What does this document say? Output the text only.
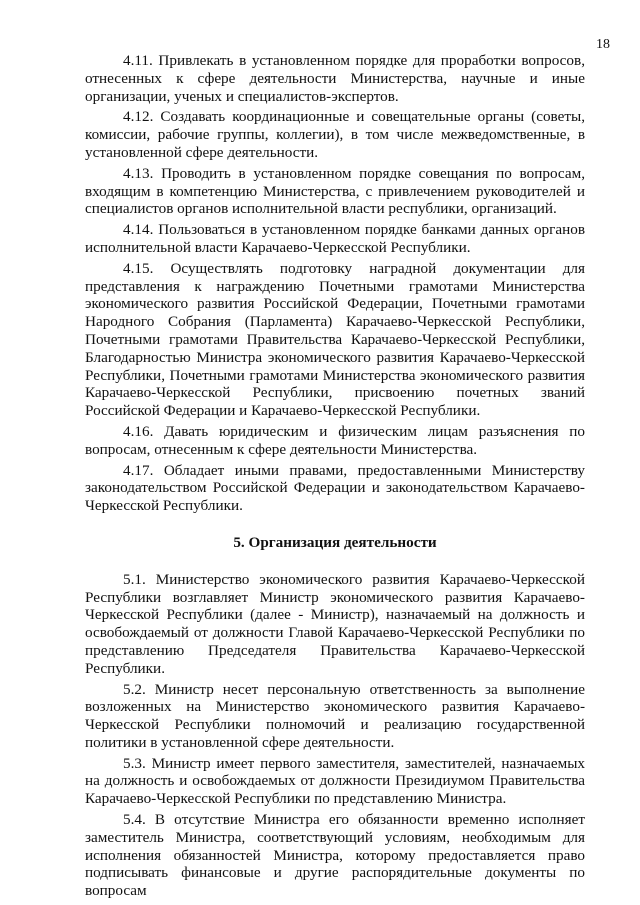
18

4.11. Привлекать в установленном порядке для проработки вопросов, отнесенных к сфере деятельности Министерства, научные и иные организации, ученых и специалистов-экспертов.

4.12. Создавать координационные и совещательные органы (советы, комиссии, рабочие группы, коллегии), в том числе межведомственные, в установленной сфере деятельности.

4.13. Проводить в установленном порядке совещания по вопросам, входящим в компетенцию Министерства, с привлечением руководителей и специалистов органов исполнительной власти республики, организаций.

4.14. Пользоваться в установленном порядке банками данных органов исполнительной власти Карачаево-Черкесской Республики.

4.15. Осуществлять подготовку наградной документации для представления к награждению Почетными грамотами Министерства экономического развития Российской Федерации, Почетными грамотами Народного Собрания (Парламента) Карачаево-Черкесской Республики, Почетными грамотами Правительства Карачаево-Черкесской Республики, Благодарностью Министра экономического развития Карачаево-Черкесской Республики, Почетными грамотами Министерства экономического развития Карачаево-Черкесской Республики, присвоению почетных званий Российской Федерации и Карачаево-Черкесской Республики.

4.16. Давать юридическим и физическим лицам разъяснения по вопросам, отнесенным к сфере деятельности Министерства.

4.17. Обладает иными правами, предоставленными Министерству законодательством Российской Федерации и законодательством Карачаево-Черкесской Республики.

5. Организация деятельности

5.1. Министерство экономического развития Карачаево-Черкесской Республики возглавляет Министр экономического развития Карачаево-Черкесской Республики (далее - Министр), назначаемый на должность и освобождаемый от должности Главой Карачаево-Черкесской Республики по представлению Председателя Правительства Карачаево-Черкесской Республики.

5.2. Министр несет персональную ответственность за выполнение возложенных на Министерство экономического развития Карачаево-Черкесской Республики полномочий и реализацию государственной политики в установленной сфере деятельности.

5.3. Министр имеет первого заместителя, заместителей, назначаемых на должность и освобождаемых от должности Президиумом Правительства Карачаево-Черкесской Республики по представлению Министра.

5.4. В отсутствие Министра его обязанности временно исполняет заместитель Министра, соответствующий условиям, необходимым для исполнения обязанностей Министра, которому предоставляется право подписывать финансовые и другие распорядительные документы по вопросам
